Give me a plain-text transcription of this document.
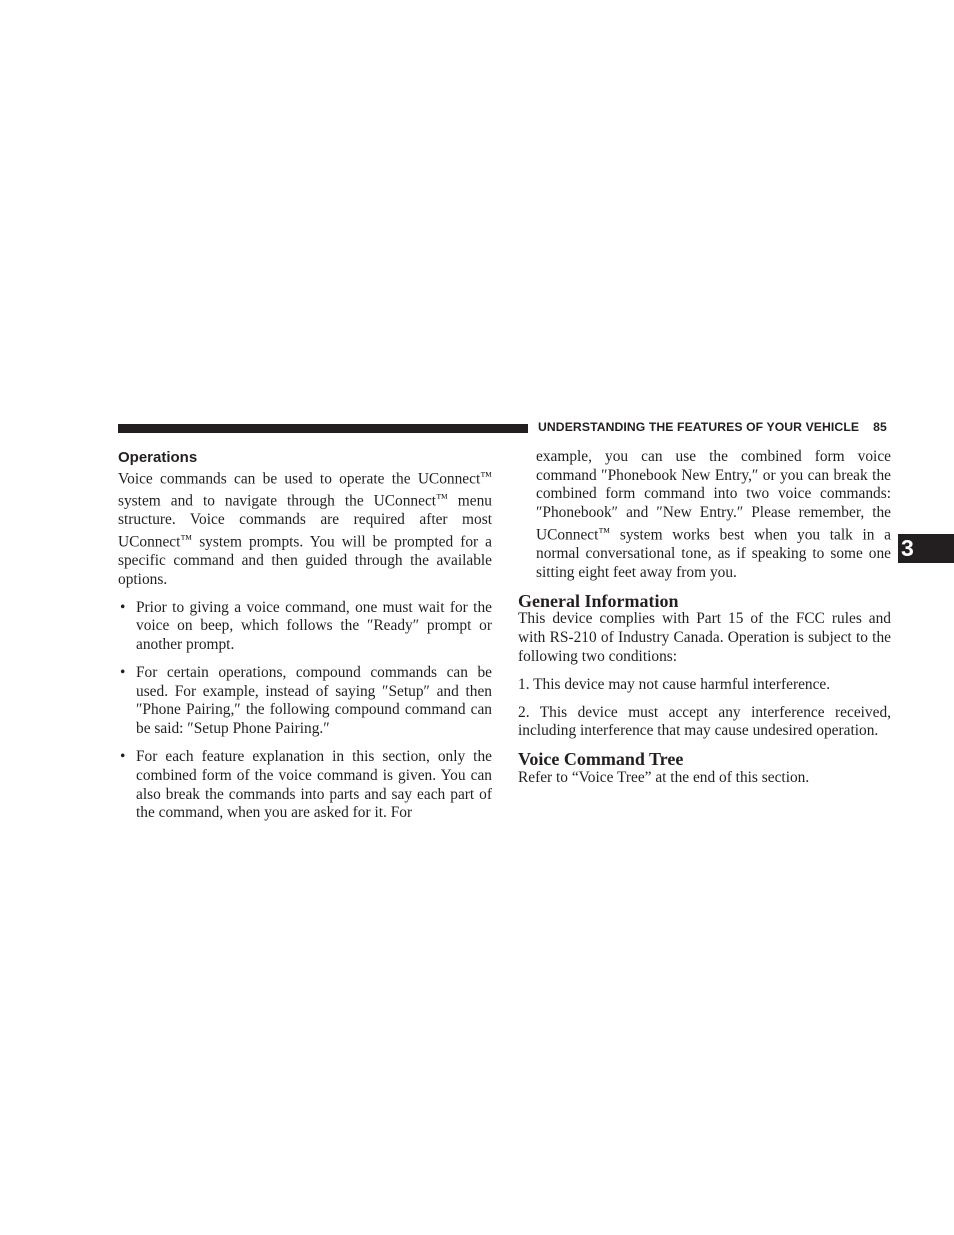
UNDERSTANDING THE FEATURES OF YOUR VEHICLE 85
3
Operations

Voice commands can be used to operate the UConnect™ system and to navigate through the UConnect™ menu structure. Voice commands are required after most UConnect™ system prompts. You will be prompted for a specific command and then guided through the available options.

• Prior to giving a voice command, one must wait for the voice on beep, which follows the ″Ready″ prompt or another prompt.
• For certain operations, compound commands can be used. For example, instead of saying ″Setup″ and then ″Phone Pairing,″ the following compound command can be said: ″Setup Phone Pairing.″
• For each feature explanation in this section, only the combined form of the voice command is given. You can also break the commands into parts and say each part of the command, when you are asked for it. For

example, you can use the combined form voice command ″Phonebook New Entry,″ or you can break the combined form command into two voice commands: ″Phonebook″ and ″New Entry.″ Please remember, the UConnect™ system works best when you talk in a normal conversational tone, as if speaking to some one sitting eight feet away from you.

General Information

This device complies with Part 15 of the FCC rules and with RS-210 of Industry Canada. Operation is subject to the following two conditions:

1. This device may not cause harmful interference.

2. This device must accept any interference received, including interference that may cause undesired operation.

Voice Command Tree

Refer to “Voice Tree” at the end of this section.
